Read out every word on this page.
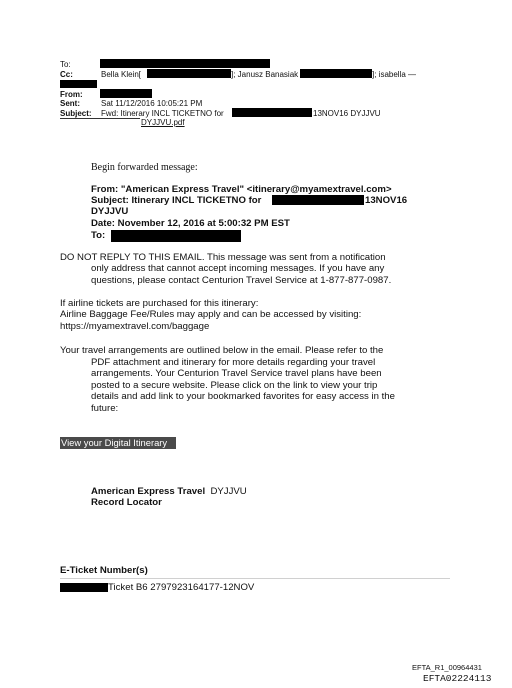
To:
Cc:	Bella Klein[	]; Janusz Banasiak	]; isabella —
From:
Sent:	Sat 11/12/2016 10:05:21 PM
Subject: Fwd: Itinerary INCL TICKETNO for	13NOV16 DYJJVU
DYJJVU.pdf
Begin forwarded message:
From: "American Express Travel" <itinerary@myamextravel.com>
Subject: Itinerary INCL TICKETNO for	13NOV16
DYJJVU
Date: November 12, 2016 at 5:00:32 PM EST
To:
DO NOT REPLY TO THIS EMAIL. This message was sent from a notification
only address that cannot accept incoming messages. If you have any
questions, please contact Centurion Travel Service at 1-877-877-0987.
If airline tickets are purchased for this itinerary:
Airline Baggage Fee/Rules may apply and can be accessed by visiting:
https://myamextravel.com/baggage
Your travel arrangements are outlined below in the email. Please refer to the
PDF attachment and itinerary for more details regarding your travel
arrangements. Your Centurion Travel Service travel plans have been
posted to a secure website. Please click on the link to view your trip
details and add link to your bookmarked favorites for easy access in the
future:
View your Digital Itinerary
American Express Travel DYJJVU
Record Locator
E-Ticket Number(s)
Ticket B6 2797923164177-12NOV
EFTA_R1_00964431
EFTA02224113
